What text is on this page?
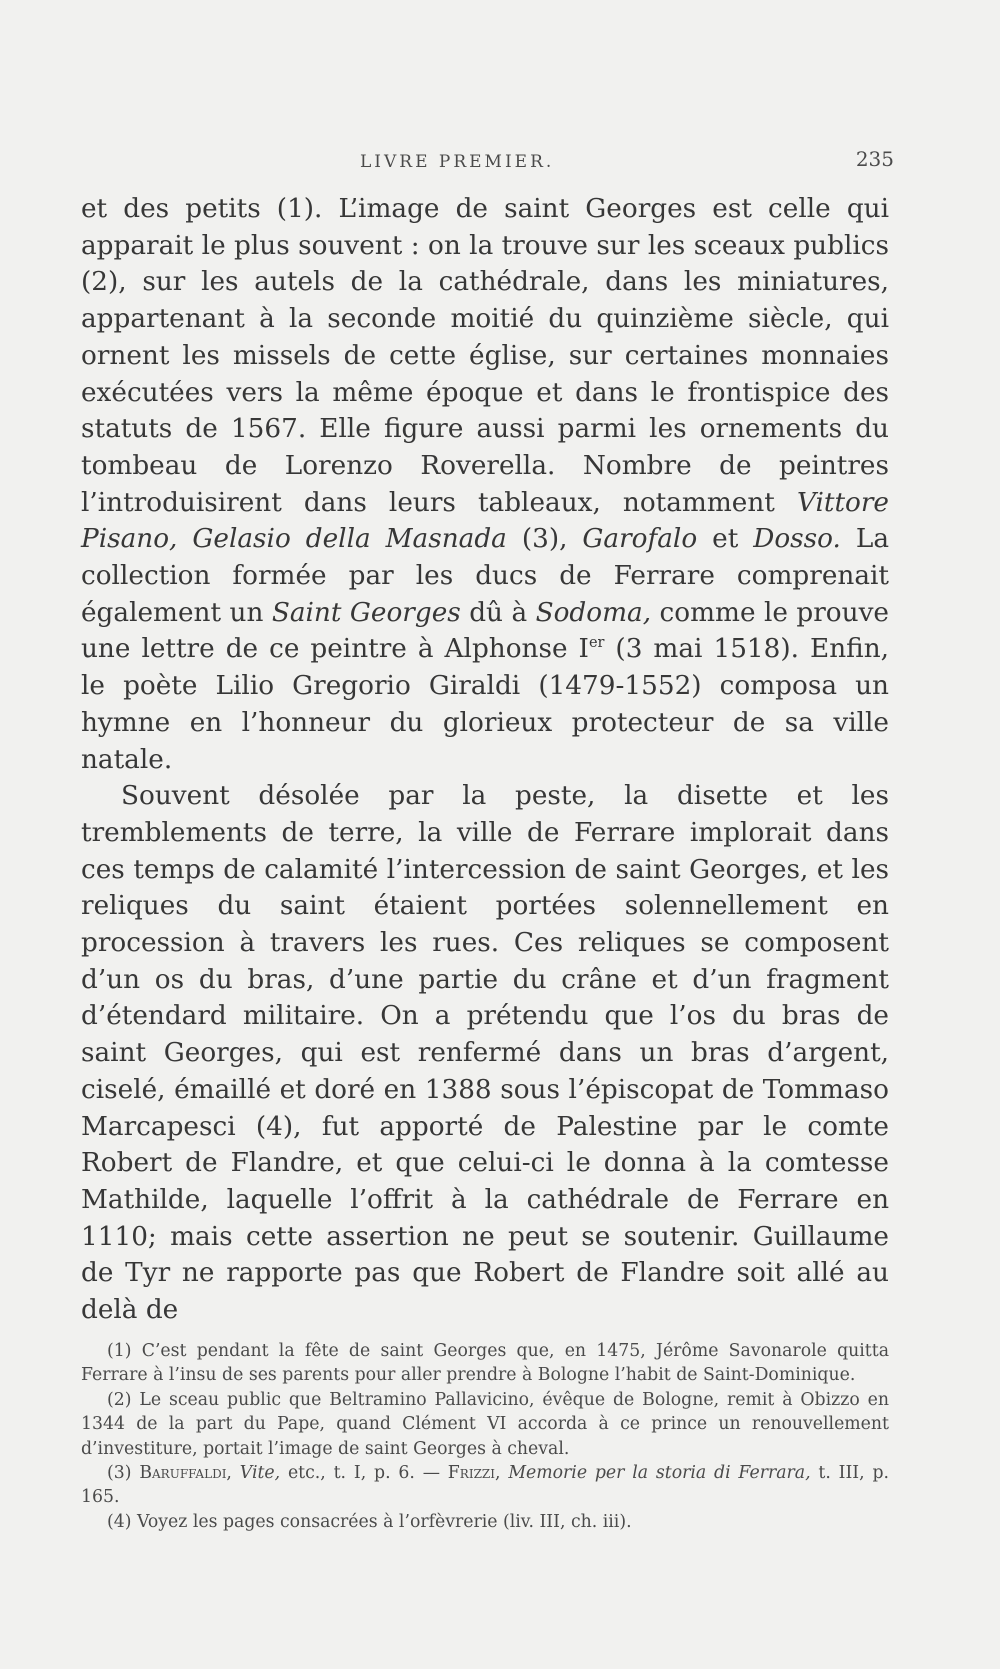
LIVRE PREMIER.	235

et des petits (1). L’image de saint Georges est celle qui apparait le plus souvent : on la trouve sur les sceaux publics (2), sur les autels de la cathédrale, dans les miniatures, appartenant à la seconde moitié du quinzième siècle, qui ornent les missels de cette église, sur certaines monnaies exécutées vers la même époque et dans le frontispice des statuts de 1567. Elle figure aussi parmi les ornements du tombeau de Lorenzo Roverella. Nombre de peintres l’introduisirent dans leurs tableaux, notamment Vittore Pisano, Gelasio della Masnada (3), Garofalo et Dosso. La collection formée par les ducs de Ferrare comprenait également un Saint Georges dû à Sodoma, comme le prouve une lettre de ce peintre à Alphonse Ier (3 mai 1518). Enfin, le poète Lilio Gregorio Giraldi (1479-1552) composa un hymne en l’honneur du glorieux protecteur de sa ville natale.

Souvent désolée par la peste, la disette et les tremblements de terre, la ville de Ferrare implorait dans ces temps de calamité l’intercession de saint Georges, et les reliques du saint étaient portées solennellement en procession à travers les rues. Ces reliques se composent d’un os du bras, d’une partie du crâne et d’un fragment d’étendard militaire. On a prétendu que l’os du bras de saint Georges, qui est renfermé dans un bras d’argent, ciselé, émaillé et doré en 1388 sous l’épiscopat de Tommaso Marcapesci (4), fut apporté de Palestine par le comte Robert de Flandre, et que celui-ci le donna à la comtesse Mathilde, laquelle l’offrit à la cathédrale de Ferrare en 1110; mais cette assertion ne peut se soutenir. Guillaume de Tyr ne rapporte pas que Robert de Flandre soit allé au delà de

(1) C’est pendant la fête de saint Georges que, en 1475, Jérôme Savonarole quitta Ferrare à l’insu de ses parents pour aller prendre à Bologne l’habit de Saint-Dominique.

(2) Le sceau public que Beltramino Pallavicino, évêque de Bologne, remit à Obizzo en 1344 de la part du Pape, quand Clément VI accorda à ce prince un renouvellement d’investiture, portait l’image de saint Georges à cheval.

(3) Baruffaldi, Vite, etc., t. I, p. 6. — Frizzi, Memorie per la storia di Ferrara, t. III, p. 165.

(4) Voyez les pages consacrées à l’orfèvrerie (liv. III, ch. iii).
